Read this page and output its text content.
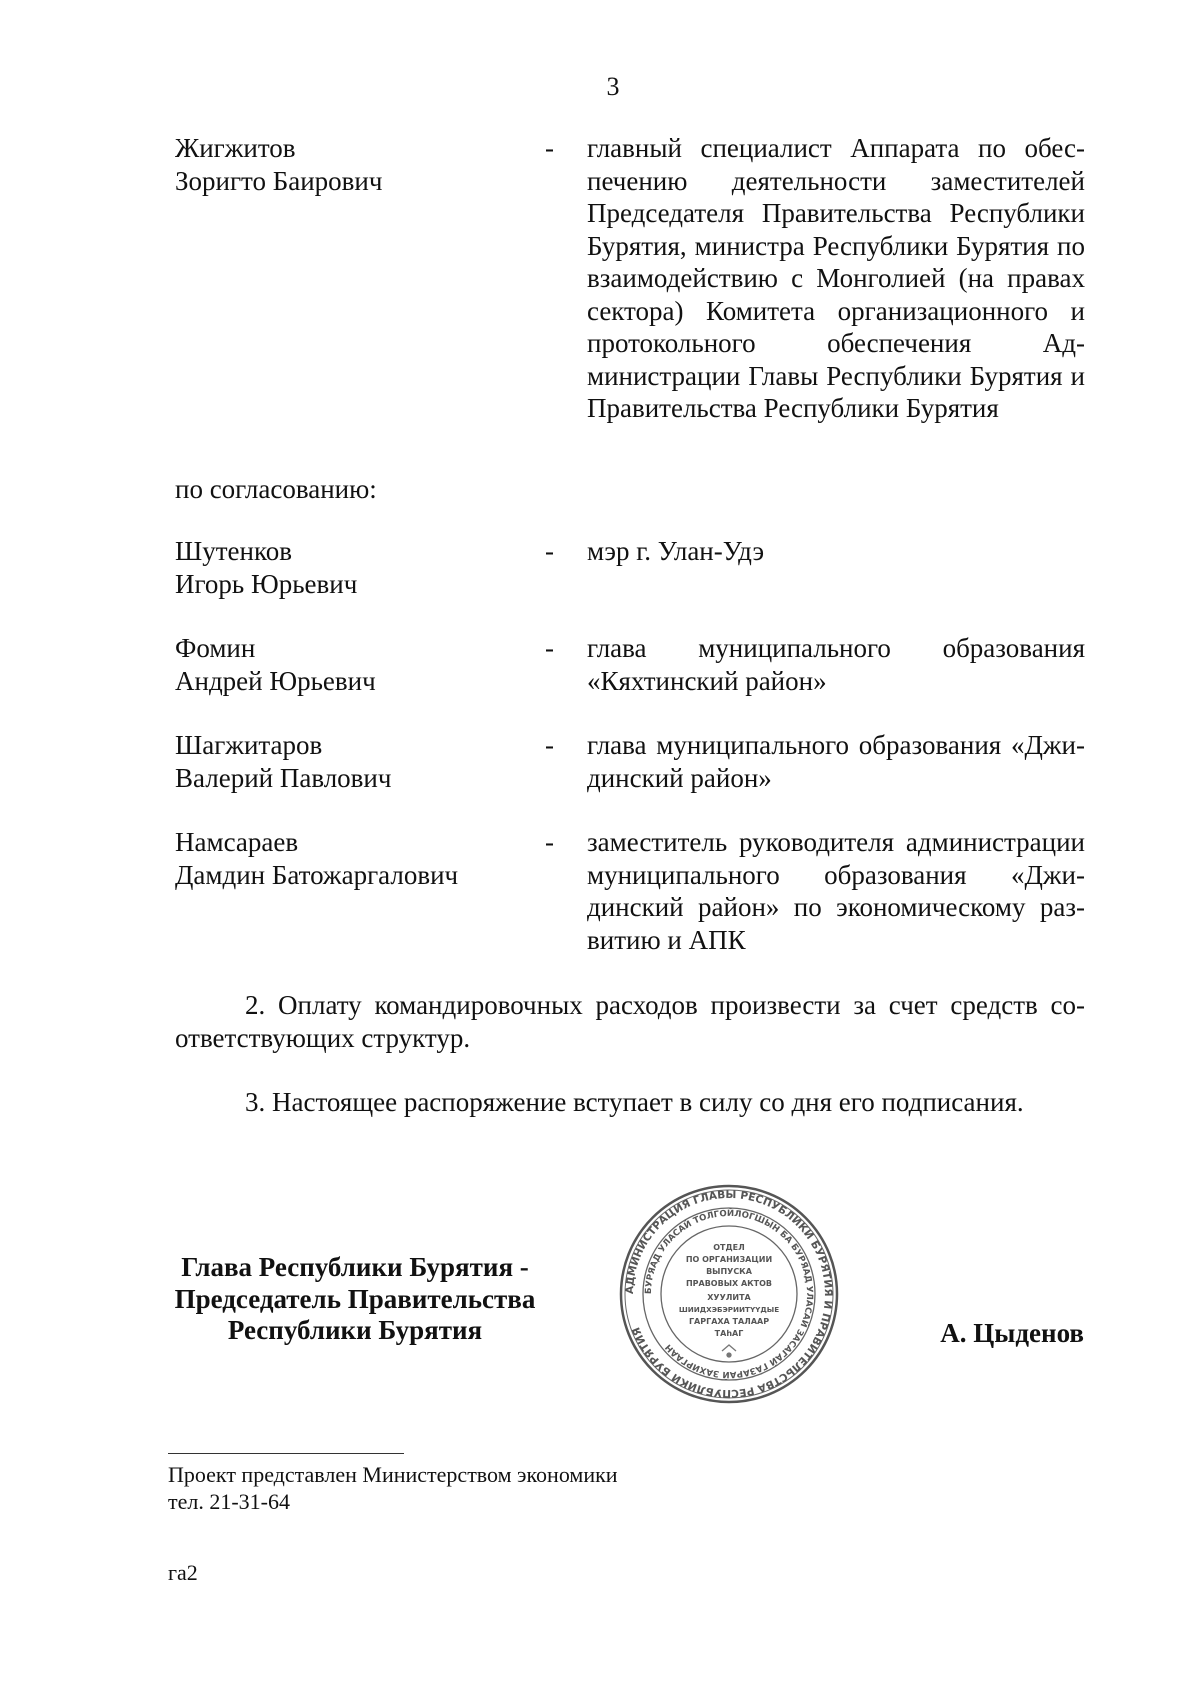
3
Жигжитов
Зоригто Баирович
-	главный специалист Аппарата по обеспечению деятельности заместителей Председателя Правительства Республики Бурятия, министра Республики Бурятия по взаимодействию с Монголией (на правах сектора) Комитета организационного и протокольного обеспечения Администрации Главы Республики Бурятия и Правительства Республики Бурятия
по согласованию:
Шутенков
Игорь Юрьевич
-	мэр г. Улан-Удэ
Фомин
Андрей Юрьевич
-	глава муниципального образования «Кяхтинский район»
Шагжитаров
Валерий Павлович
-	глава муниципального образования «Джидинский район»
Намсараев
Дамдин Батожаргалович
-	заместитель руководителя администрации муниципального образования «Джидинский район» по экономическому развитию и АПК
2. Оплату командировочных расходов произвести за счет средств соответствующих структур.
3. Настоящее распоряжение вступает в силу со дня его подписания.
Глава Республики Бурятия -
Председатель Правительства
Республики Бурятия
АДМИНИСТРАЦИЯ ГЛАВЫ РЕСПУБЛИКИ БУРЯТИЯ И ПРАВИТЕЛЬСТВА РЕСПУБЛИКИ БУРЯТИЯ
БУРЯАД УЛАСАЙ ТОЛГОЙЛОГШЫН БА БУРЯАД УЛАСАЙ ЗАСАГАЙ ГАЗАРАЙ ЗАХИРГААН
ОТДЕЛ
ПО ОРГАНИЗАЦИИ
ВЫПУСКА
ПРАВОВЫХ АКТОВ
ХУУЛИТА
ШИИДХЭБЭРИИТҮҮДЫЕ
ГАРГАХА ТАЛААР
ТАһАГ	А. Цыденов
Проект представлен Министерством экономики
тел. 21-31-64
га2
